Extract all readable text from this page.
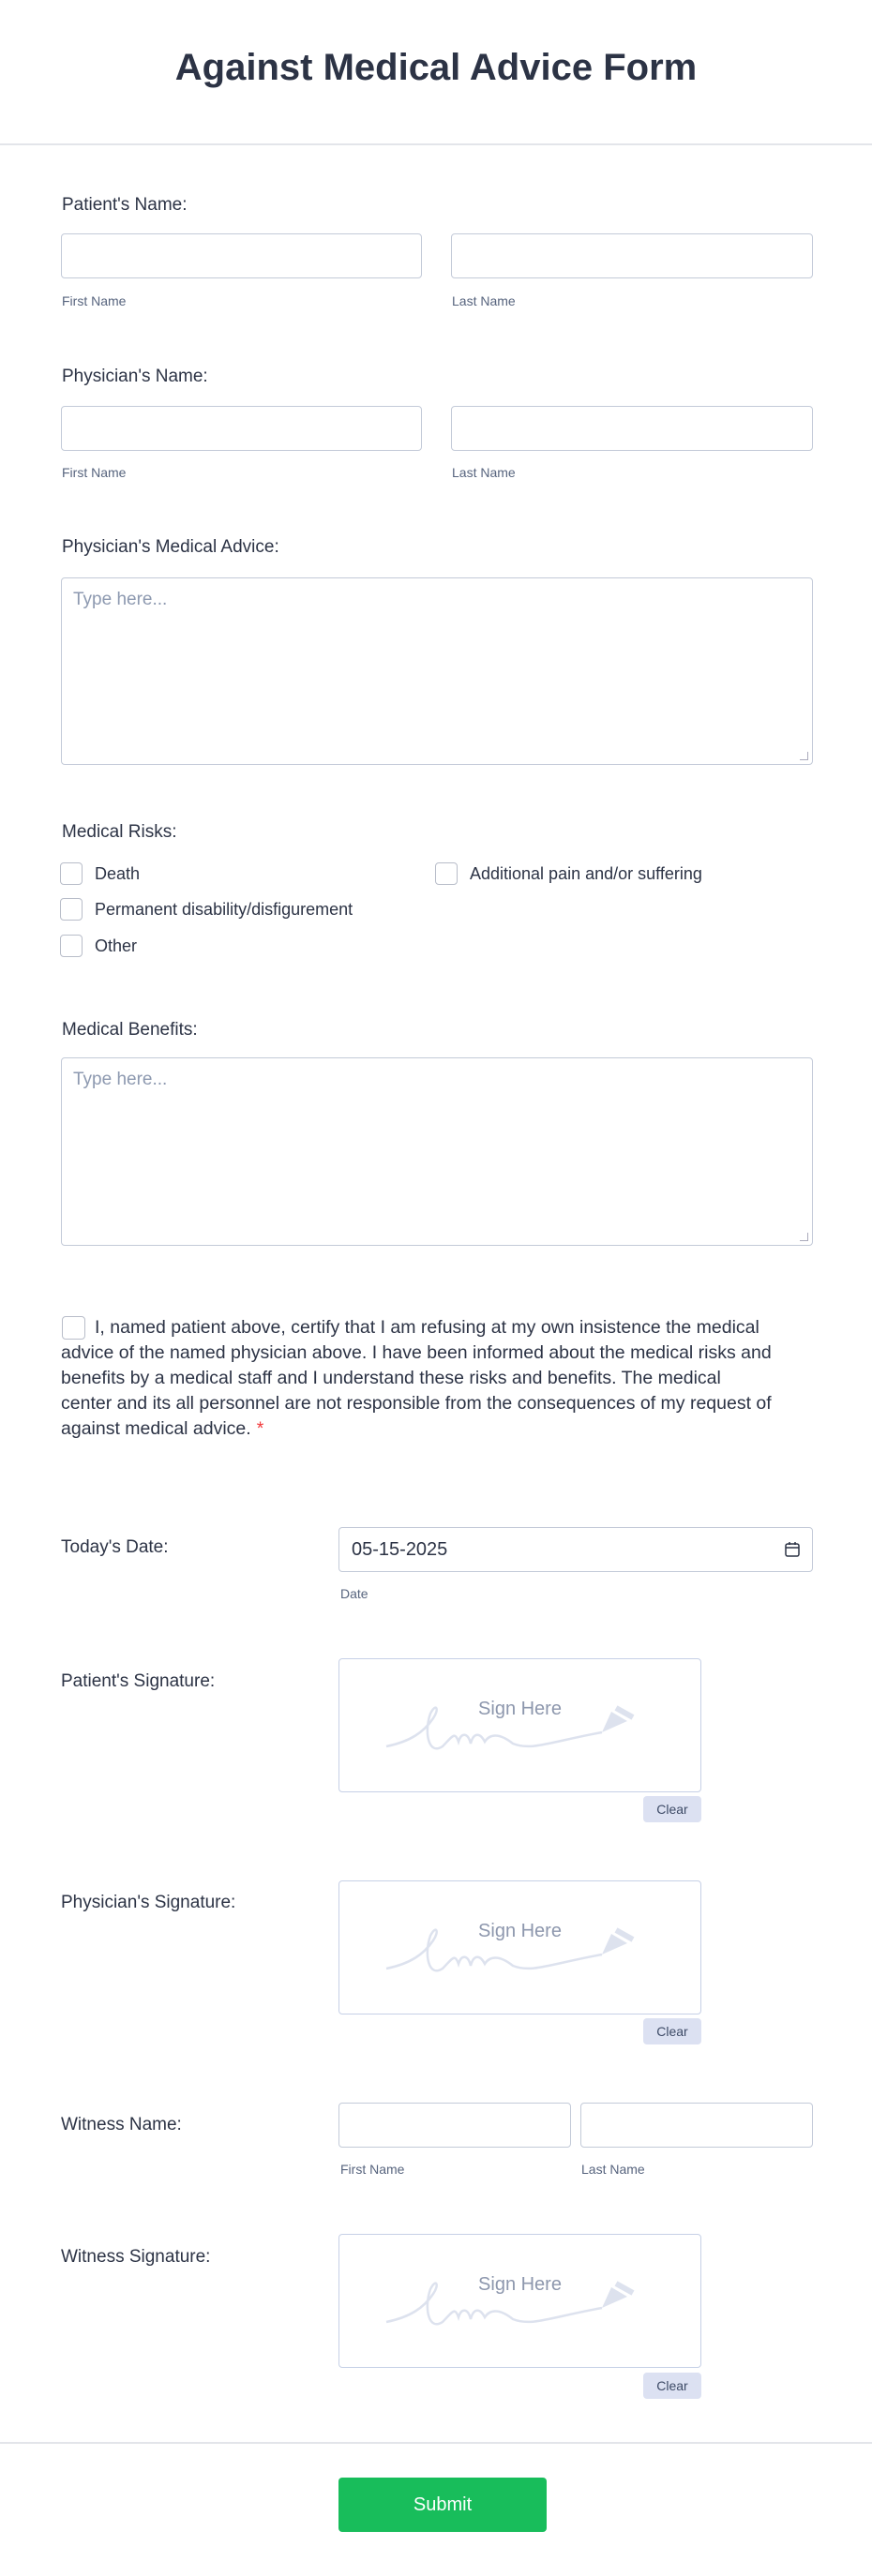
Against Medical Advice Form
Patient's Name:
First Name	Last Name
Physician's Name:
First Name	Last Name
Physician's Medical Advice:
Type here...
Medical Risks:
Death	Additional pain and/or suffering
Permanent disability/disfigurement
Other
Medical Benefits:
Type here...
I, named patient above, certify that I am refusing at my own insistence the medical advice of the named physician above. I have been informed about the medical risks and benefits by a medical staff and I understand these risks and benefits. The medical center and its all personnel are not responsible from the consequences of my request of against medical advice. *
Today's Date:	05-15-2025
Date
Patient's Signature:
Sign Here
Clear
Physician's Signature:
Sign Here
Clear
Witness Name:
First Name	Last Name
Witness Signature:
Sign Here
Clear
Submit
